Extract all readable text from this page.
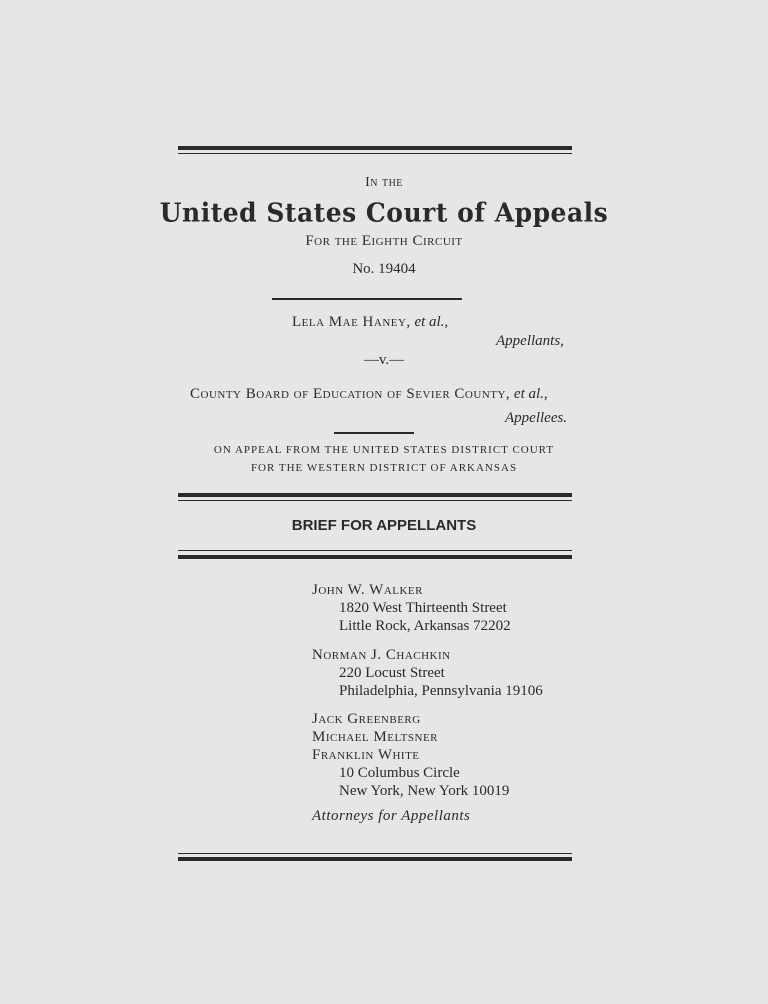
In the
United States Court of Appeals
For the Eighth Circuit
No. 19404
Lela Mae Haney, et al.,
Appellants,
—v.—
County Board of Education of Sevier County, et al.,
Appellees.
ON APPEAL FROM THE UNITED STATES DISTRICT COURT
FOR THE WESTERN DISTRICT OF ARKANSAS
BRIEF FOR APPELLANTS
John W. Walker
1820 West Thirteenth Street
Little Rock, Arkansas 72202
Norman J. Chachkin
220 Locust Street
Philadelphia, Pennsylvania 19106
Jack Greenberg
Michael Meltsner
Franklin White
10 Columbus Circle
New York, New York 10019
Attorneys for Appellants
